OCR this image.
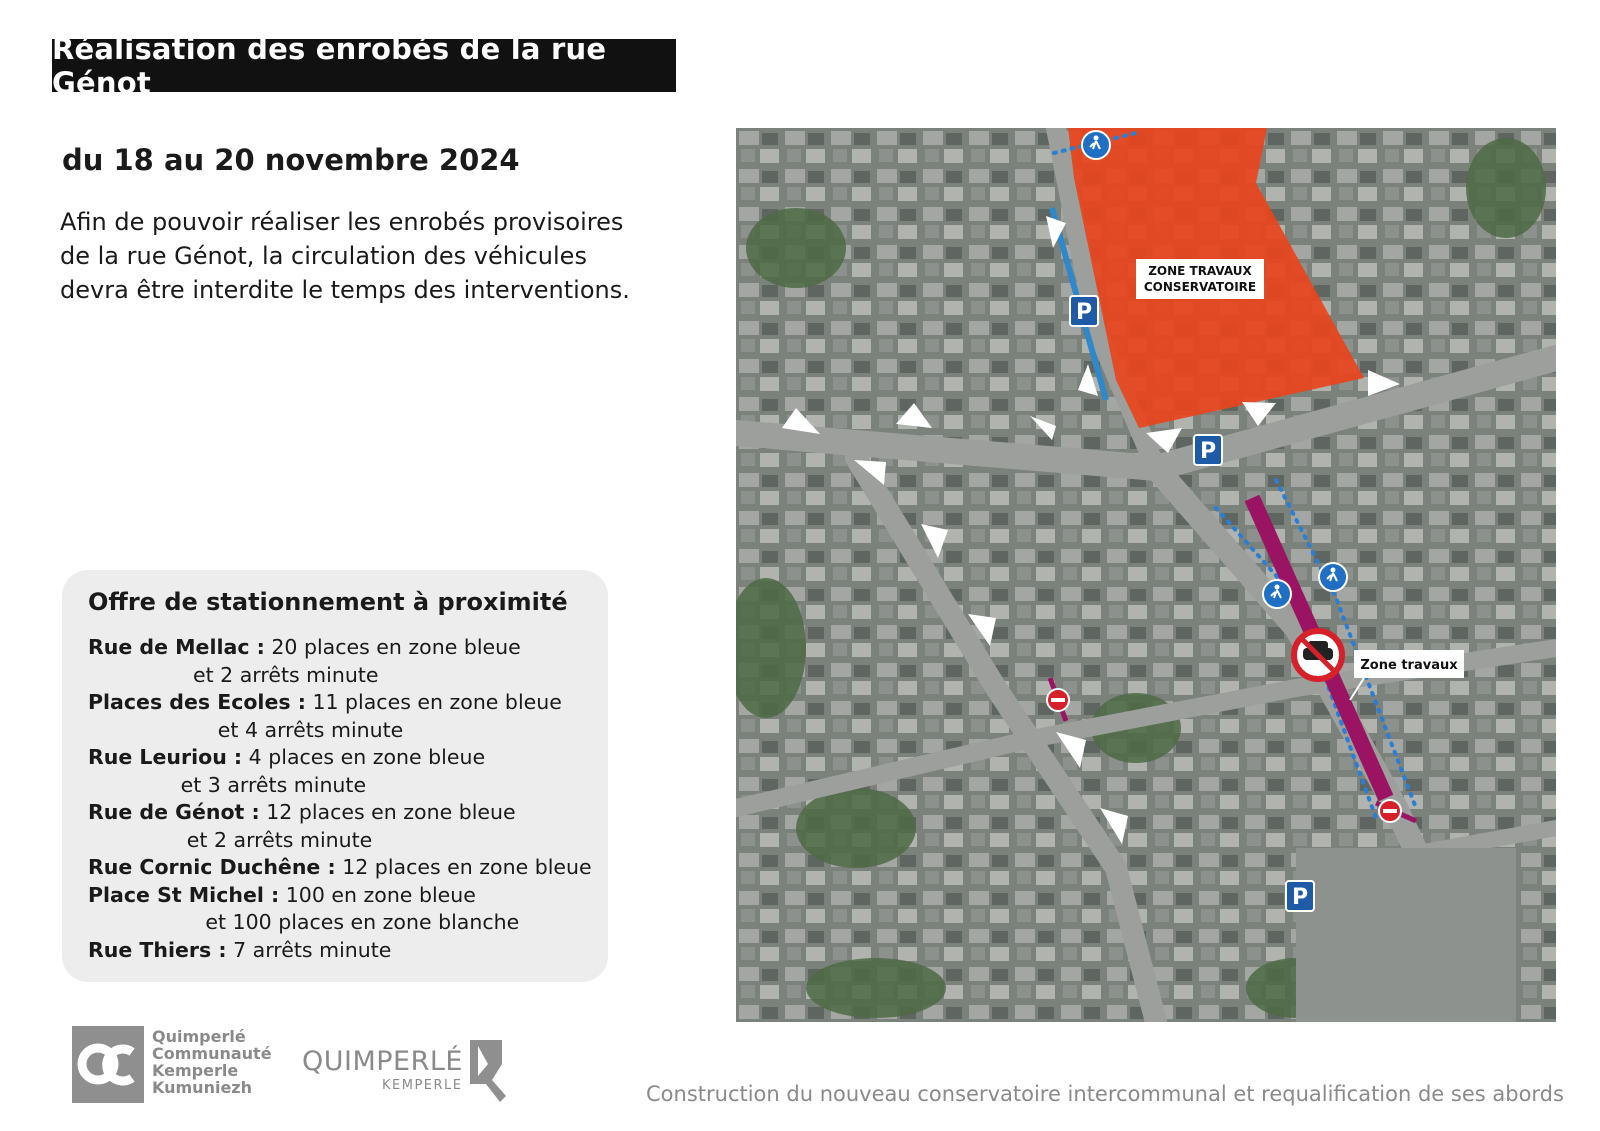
Réalisation des enrobés de la rue Génot
du 18 au 20 novembre 2024
Afin de pouvoir réaliser les enrobés provisoires de la rue Génot, la circulation des véhicules devra être interdite le temps des interventions.
Offre de stationnement à proximité
Rue de Mellac : 20 places en zone bleue
et 2 arrêts minute
Places des Ecoles : 11 places en zone bleue
et 4 arrêts minute
Rue Leuriou : 4 places en zone bleue
et 3 arrêts minute
Rue de Génot : 12 places en zone bleue
et 2 arrêts minute
Rue Cornic Duchêne : 12 places en zone bleue
Place St Michel : 100 en zone bleue
et 100 places en zone blanche
Rue Thiers : 7 arrêts minute
ZONE TRAVAUX
CONSERVATOIRE
Zone travaux
P
P
P
Quimperlé
Communauté
Kemperle
Kumuniezh
QUIMPERLÉ
KEMPERLE	Construction du nouveau conservatoire intercommunal et requalification de ses abords
